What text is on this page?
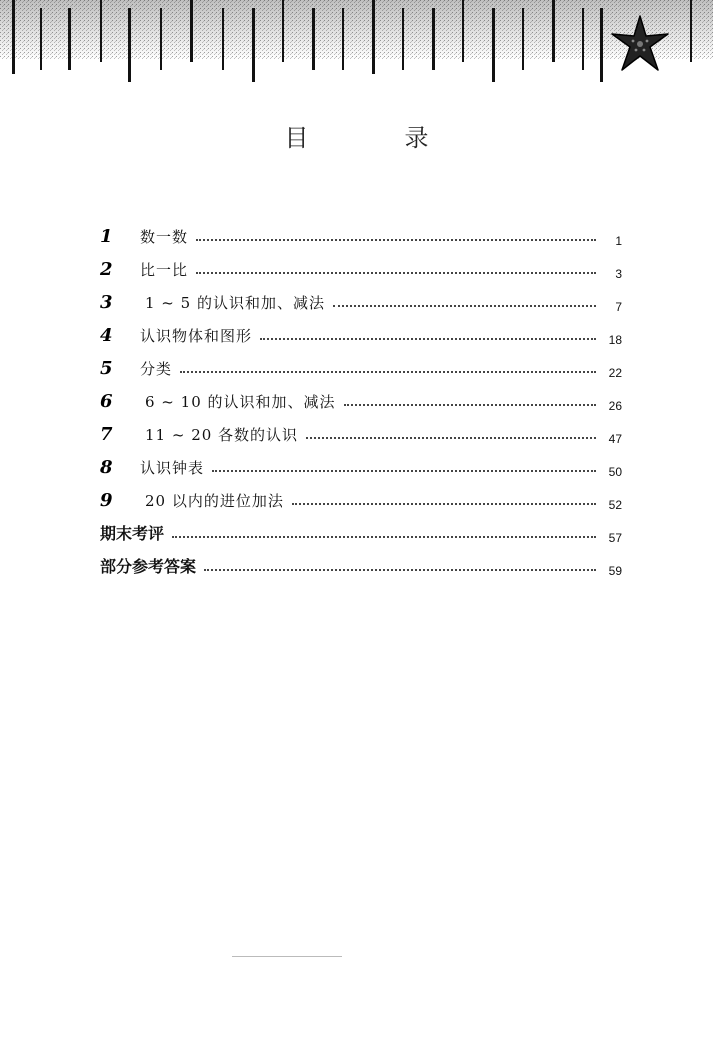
目　录
1	数一数	1
2	比一比	3
3	1 ~ 5 的认识和加、减法	7
4	认识物体和图形	18
5	分类	22
6	6 ~ 10 的认识和加、减法	26
7	11 ~ 20 各数的认识	47
8	认识钟表	50
9	20 以内的进位加法	52
期末考评	57
部分参考答案	59
